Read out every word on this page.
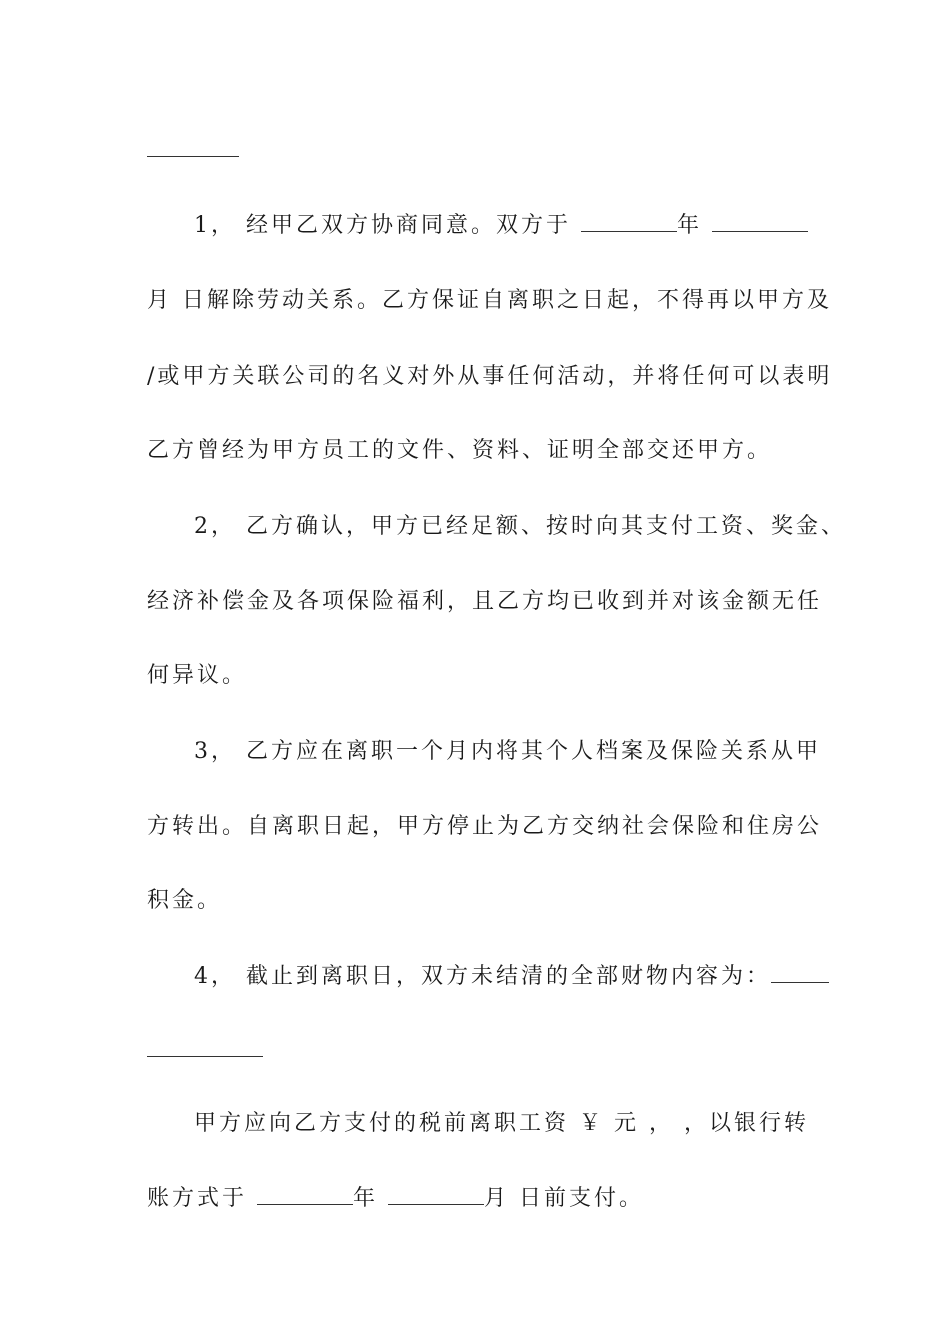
1， 经甲乙双方协商同意。双方于	年
月 日解除劳动关系。乙方保证自离职之日起，不得再以甲方及
/或甲方关联公司的名义对外从事任何活动，并将任何可以表明
乙方曾经为甲方员工的文件、资料、证明全部交还甲方。
2， 乙方确认，甲方已经足额、按时向其支付工资、奖金、
经济补偿金及各项保险福利，且乙方均已收到并对该金额无任
何异议。
3， 乙方应在离职一个月内将其个人档案及保险关系从甲
方转出。自离职日起，甲方停止为乙方交纳社会保险和住房公
积金。
4， 截止到离职日，双方未结清的全部财物内容为：
甲方应向乙方支付的税前离职工资 ￥ 元 ， ，以银行转
账方式于	年	月 日前支付。
